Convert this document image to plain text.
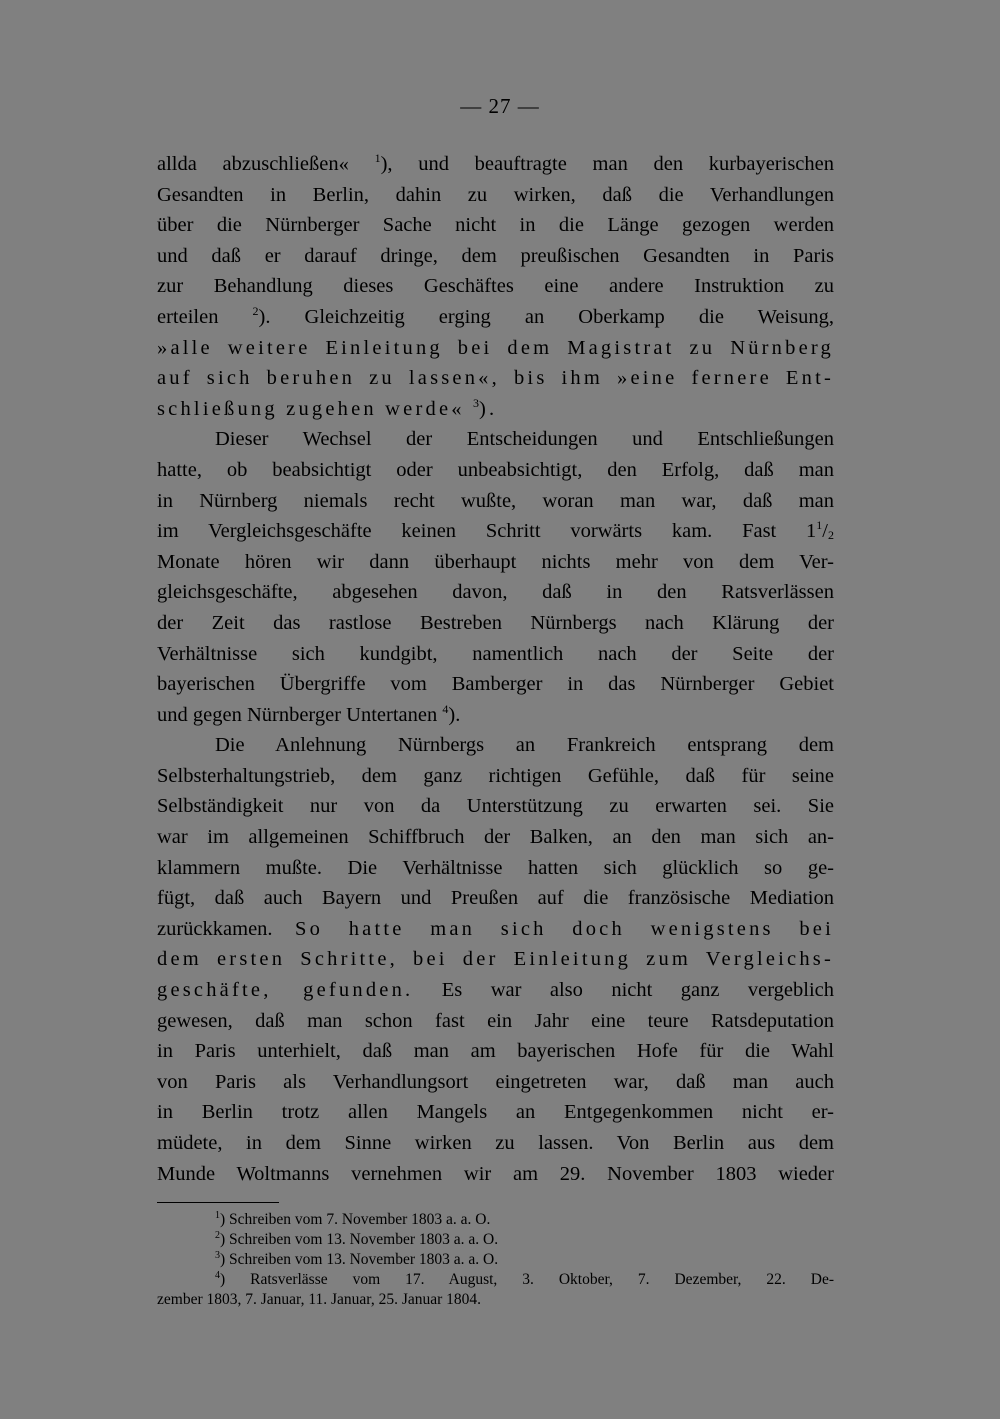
— 27 —
allda abzuschließen« $^1$), und beauftragte man den kurbayerischen
Gesandten in Berlin, dahin zu wirken, daß die Verhandlungen
über die Nürnberger Sache nicht in die Länge gezogen werden
und daß er darauf dringe, dem preußischen Gesandten in Paris
zur Behandlung dieses Geschäftes eine andere Instruktion zu
erteilen $^2$). Gleichzeitig erging an Oberkamp die Weisung,
»alle weitere Einleitung bei dem Magistrat zu Nürnberg
auf sich beruhen zu lassen«, bis ihm »eine fernere Ent-
schließung zugehen werde« $^3$).
Dieser Wechsel der Entscheidungen und Entschließungen
hatte, ob beabsichtigt oder unbeabsichtigt, den Erfolg, daß man
in Nürnberg niemals recht wußte, woran man war, daß man
im Vergleichsgeschäfte keinen Schritt vorwärts kam. Fast $1^1/_2$
Monate hören wir dann überhaupt nichts mehr von dem Ver-
gleichsgeschäfte, abgesehen davon, daß in den Ratsverlässen
der Zeit das rastlose Bestreben Nürnbergs nach Klärung der
Verhältnisse sich kundgibt, namentlich nach der Seite der
bayerischen Übergriffe vom Bamberger in das Nürnberger Gebiet
und gegen Nürnberger Untertanen $^4$).
Die Anlehnung Nürnbergs an Frankreich entsprang dem
Selbsterhaltungstrieb, dem ganz richtigen Gefühle, daß für seine
Selbständigkeit nur von da Unterstützung zu erwarten sei. Sie
war im allgemeinen Schiffbruch der Balken, an den man sich an-
klammern mußte. Die Verhältnisse hatten sich glücklich so ge-
fügt, daß auch Bayern und Preußen auf die französische Mediation
zurückkamen. So hatte man sich doch wenigstens bei
dem ersten Schritte, bei der Einleitung zum Vergleichs-
geschäfte, gefunden. Es war also nicht ganz vergeblich
gewesen, daß man schon fast ein Jahr eine teure Ratsdeputation
in Paris unterhielt, daß man am bayerischen Hofe für die Wahl
von Paris als Verhandlungsort eingetreten war, daß man auch
in Berlin trotz allen Mangels an Entgegenkommen nicht er-
müdete, in dem Sinne wirken zu lassen. Von Berlin aus dem
Munde Woltmanns vernehmen wir am 29. November 1803 wieder
$^1$) Schreiben vom 7. November 1803 a. a. O.
$^2$) Schreiben vom 13. November 1803 a. a. O.
$^3$) Schreiben vom 13. November 1803 a. a. O.
$^4$) Ratsverlässe vom 17. August, 3. Oktober, 7. Dezember, 22. De-
zember 1803, 7. Januar, 11. Januar, 25. Januar 1804.
